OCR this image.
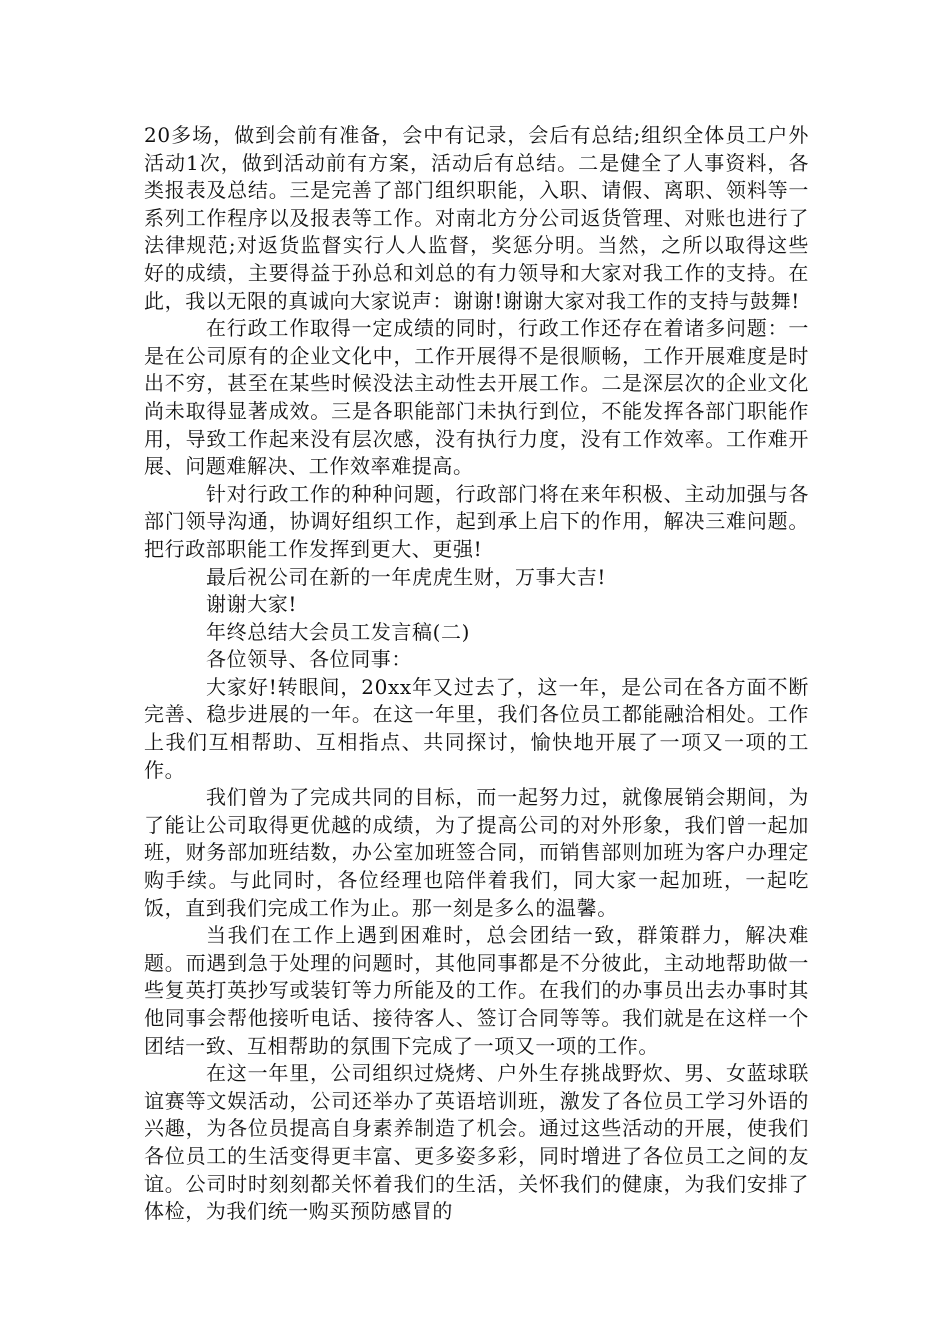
20多场，做到会前有准备，会中有记录，会后有总结;组织全体员工户外活动1次，做到活动前有方案，活动后有总结。二是健全了人事资料，各类报表及总结。三是完善了部门组织职能，入职、请假、离职、领料等一系列工作程序以及报表等工作。对南北方分公司返货管理、对账也进行了法律规范;对返货监督实行人人监督，奖惩分明。当然，之所以取得这些好的成绩，主要得益于孙总和刘总的有力领导和大家对我工作的支持。在此，我以无限的真诚向大家说声：谢谢!谢谢大家对我工作的支持与鼓舞!

在行政工作取得一定成绩的同时，行政工作还存在着诸多问题：一是在公司原有的企业文化中，工作开展得不是很顺畅，工作开展难度是时出不穷，甚至在某些时候没法主动性去开展工作。二是深层次的企业文化尚未取得显著成效。三是各职能部门未执行到位，不能发挥各部门职能作用，导致工作起来没有层次感，没有执行力度，没有工作效率。工作难开展、问题难解决、工作效率难提高。

针对行政工作的种种问题，行政部门将在来年积极、主动加强与各部门领导沟通，协调好组织工作，起到承上启下的作用，解决三难问题。把行政部职能工作发挥到更大、更强!

最后祝公司在新的一年虎虎生财，万事大吉!

谢谢大家!

年终总结大会员工发言稿(二)

各位领导、各位同事：

大家好!转眼间，20xx年又过去了，这一年，是公司在各方面不断完善、稳步进展的一年。在这一年里，我们各位员工都能融洽相处。工作上我们互相帮助、互相指点、共同探讨，愉快地开展了一项又一项的工作。

我们曾为了完成共同的目标，而一起努力过，就像展销会期间，为了能让公司取得更优越的成绩，为了提高公司的对外形象，我们曾一起加班，财务部加班结数，办公室加班签合同，而销售部则加班为客户办理定购手续。与此同时，各位经理也陪伴着我们，同大家一起加班，一起吃饭，直到我们完成工作为止。那一刻是多么的温馨。

当我们在工作上遇到困难时，总会团结一致，群策群力，解决难题。而遇到急于处理的问题时，其他同事都是不分彼此，主动地帮助做一些复英打英抄写或装钉等力所能及的工作。在我们的办事员出去办事时其他同事会帮他接听电话、接待客人、签订合同等等。我们就是在这样一个团结一致、互相帮助的氛围下完成了一项又一项的工作。

在这一年里，公司组织过烧烤、户外生存挑战野炊、男、女蓝球联谊赛等文娱活动，公司还举办了英语培训班，激发了各位员工学习外语的兴趣，为各位员提高自身素养制造了机会。通过这些活动的开展，使我们各位员工的生活变得更丰富、更多姿多彩，同时增进了各位员工之间的友谊。公司时时刻刻都关怀着我们的生活，关怀我们的健康，为我们安排了体检，为我们统一购买预防感冒的
